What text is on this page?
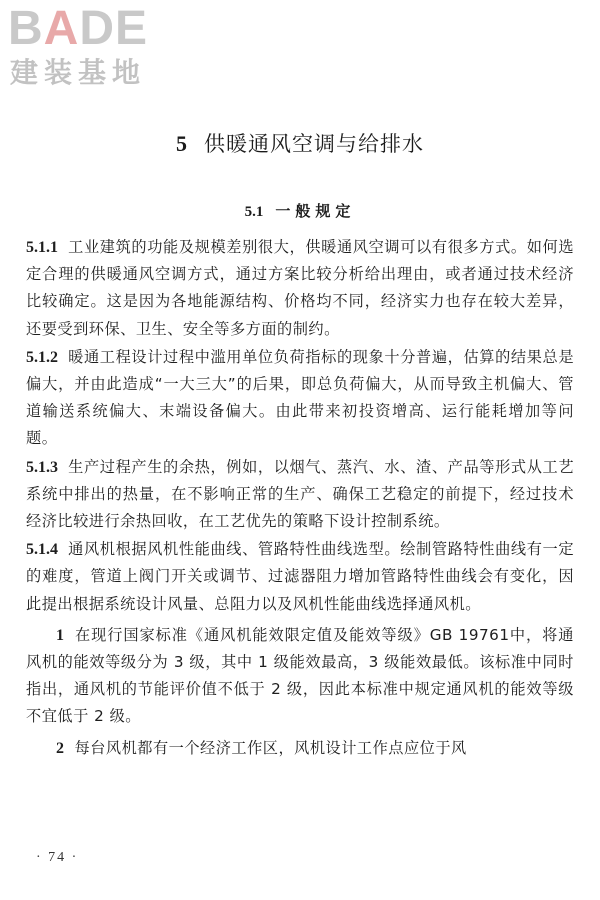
BADE
建装基地
5 供暖通风空调与给排水
5.1 一般规定

5.1.1 工业建筑的功能及规模差别很大，供暖通风空调可以有很多方式。如何选定合理的供暖通风空调方式，通过方案比较分析给出理由，或者通过技术经济比较确定。这是因为各地能源结构、价格均不同，经济实力也存在较大差异，还要受到环保、卫生、安全等多方面的制约。

5.1.2 暖通工程设计过程中滥用单位负荷指标的现象十分普遍，估算的结果总是偏大，并由此造成“一大三大”的后果，即总负荷偏大，从而导致主机偏大、管道输送系统偏大、末端设备偏大。由此带来初投资增高、运行能耗增加等问题。

5.1.3 生产过程产生的余热，例如，以烟气、蒸汽、水、渣、产品等形式从工艺系统中排出的热量，在不影响正常的生产、确保工艺稳定的前提下，经过技术经济比较进行余热回收，在工艺优先的策略下设计控制系统。

5.1.4 通风机根据风机性能曲线、管路特性曲线选型。绘制管路特性曲线有一定的难度，管道上阀门开关或调节、过滤器阻力增加管路特性曲线会有变化，因此提出根据系统设计风量、总阻力以及风机性能曲线选择通风机。

1 在现行国家标准《通风机能效限定值及能效等级》GB 19761中，将通风机的能效等级分为 3 级，其中 1 级能效最高，3 级能效最低。该标准中同时指出，通风机的节能评价值不低于 2 级，因此本标准中规定通风机的能效等级不宜低于 2 级。

2 每台风机都有一个经济工作区，风机设计工作点应位于风

· 74 ·
